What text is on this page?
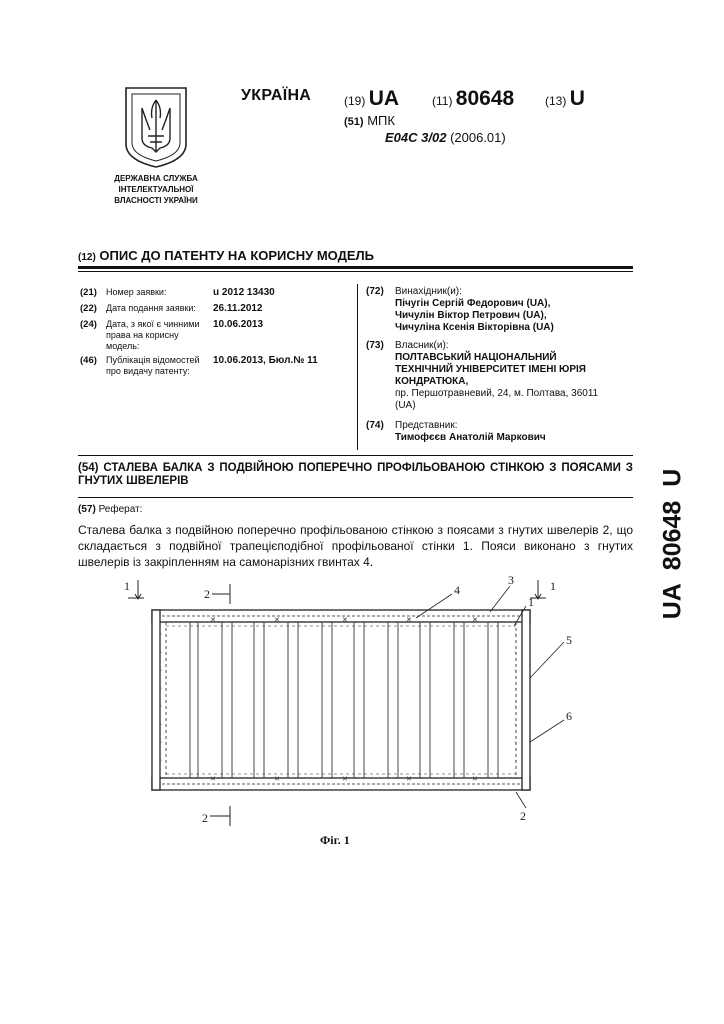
ДЕРЖАВНА СЛУЖБА ІНТЕЛЕКТУАЛЬНОЇ ВЛАСНОСТІ УКРАЇНИ
УКРАЇНА	(19) UA	(11) 80648	(13) U
(51) МПК
E04C 3/02 (2006.01)
(12) ОПИС ДО ПАТЕНТУ НА КОРИСНУ МОДЕЛЬ
(21) Номер заявки:	u 2012 13430
(22) Дата подання заявки:	26.11.2012
(24) Дата, з якої є чинними права на корисну модель:
10.06.2013
(46) Публікація відомостей про видачу патенту:
10.06.2013, Бюл.№ 11
(72) Винахідник(и):
Пічугін Сергій Федорович (UA),
Чичулін Віктор Петрович (UA),
Чичуліна Ксенія Вікторівна (UA)
(73) Власник(и):
ПОЛТАВСЬКИЙ НАЦІОНАЛЬНИЙ
ТЕХНІЧНИЙ УНІВЕРСИТЕТ ІМЕНІ ЮРІЯ
КОНДРАТЮКА,
пр. Першотравневий, 24, м. Полтава, 36011
(UA)
(74) Представник:
Тимофєєв Анатолій Маркович
(54) СТАЛЕВА БАЛКА З ПОДВІЙНОЮ ПОПЕРЕЧНО ПРОФІЛЬОВАНОЮ СТІНКОЮ З ПОЯСАМИ З ГНУТИХ ШВЕЛЕРІВ
(57) Реферат:
Сталева балка з подвійною поперечно профільованою стінкою з поясами з гнутих швелерів 2, що складається з подвійної трапецієподібної профільованої стінки 1. Пояси виконано з гнутих швелерів із закріпленням на самонарізних гвинтах 4.	UA  80648  U
✕	✕	✕	✕	✕
✕	✕	✕	✕	✕
·
·
·
·
·
·
·
·
·
·
·
·
·
·
·
·
1	1
2
2
4
3
1
5
6
2
Фіг. 1
